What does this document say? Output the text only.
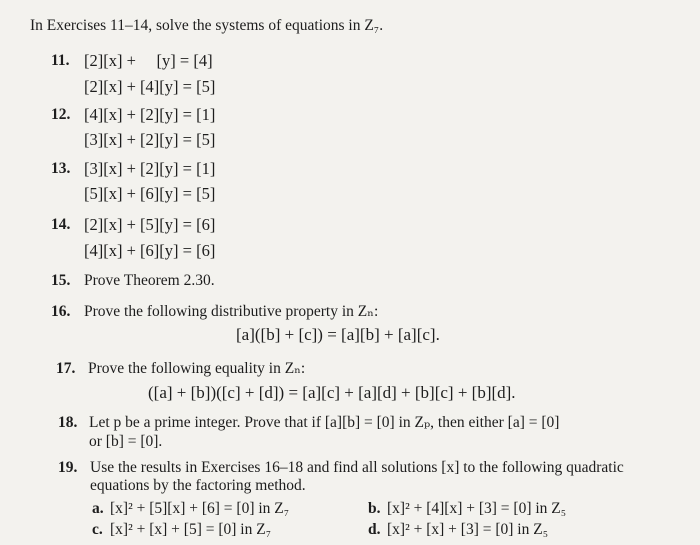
In Exercises 11–14, solve the systems of equations in Z₇.
11. [2][x] +     [y] = [4]
[2][x] + [4][y] = [5]
12. [4][x] + [2][y] = [1]
[3][x] + [2][y] = [5]
13. [3][x] + [2][y] = [1]
[5][x] + [6][y] = [5]
14. [2][x] + [5][y] = [6]
[4][x] + [6][y] = [6]
15. Prove Theorem 2.30.
16. Prove the following distributive property in Zₙ:
[a]([b] + [c]) = [a][b] + [a][c].
17. Prove the following equality in Zₙ:
([a] + [b])([c] + [d]) = [a][c] + [a][d] + [b][c] + [b][d].
18. Let p be a prime integer. Prove that if [a][b] = [0] in Zₚ, then either [a] = [0]
or [b] = [0].
19. Use the results in Exercises 16–18 and find all solutions [x] to the following quadratic
equations by the factoring method.
a. [x]² + [5][x] + [6] = [0] in Z₇	b. [x]² + [4][x] + [3] = [0] in Z₅
c. [x]² + [x] + [5] = [0] in Z₇	d. [x]² + [x] + [3] = [0] in Z₅
